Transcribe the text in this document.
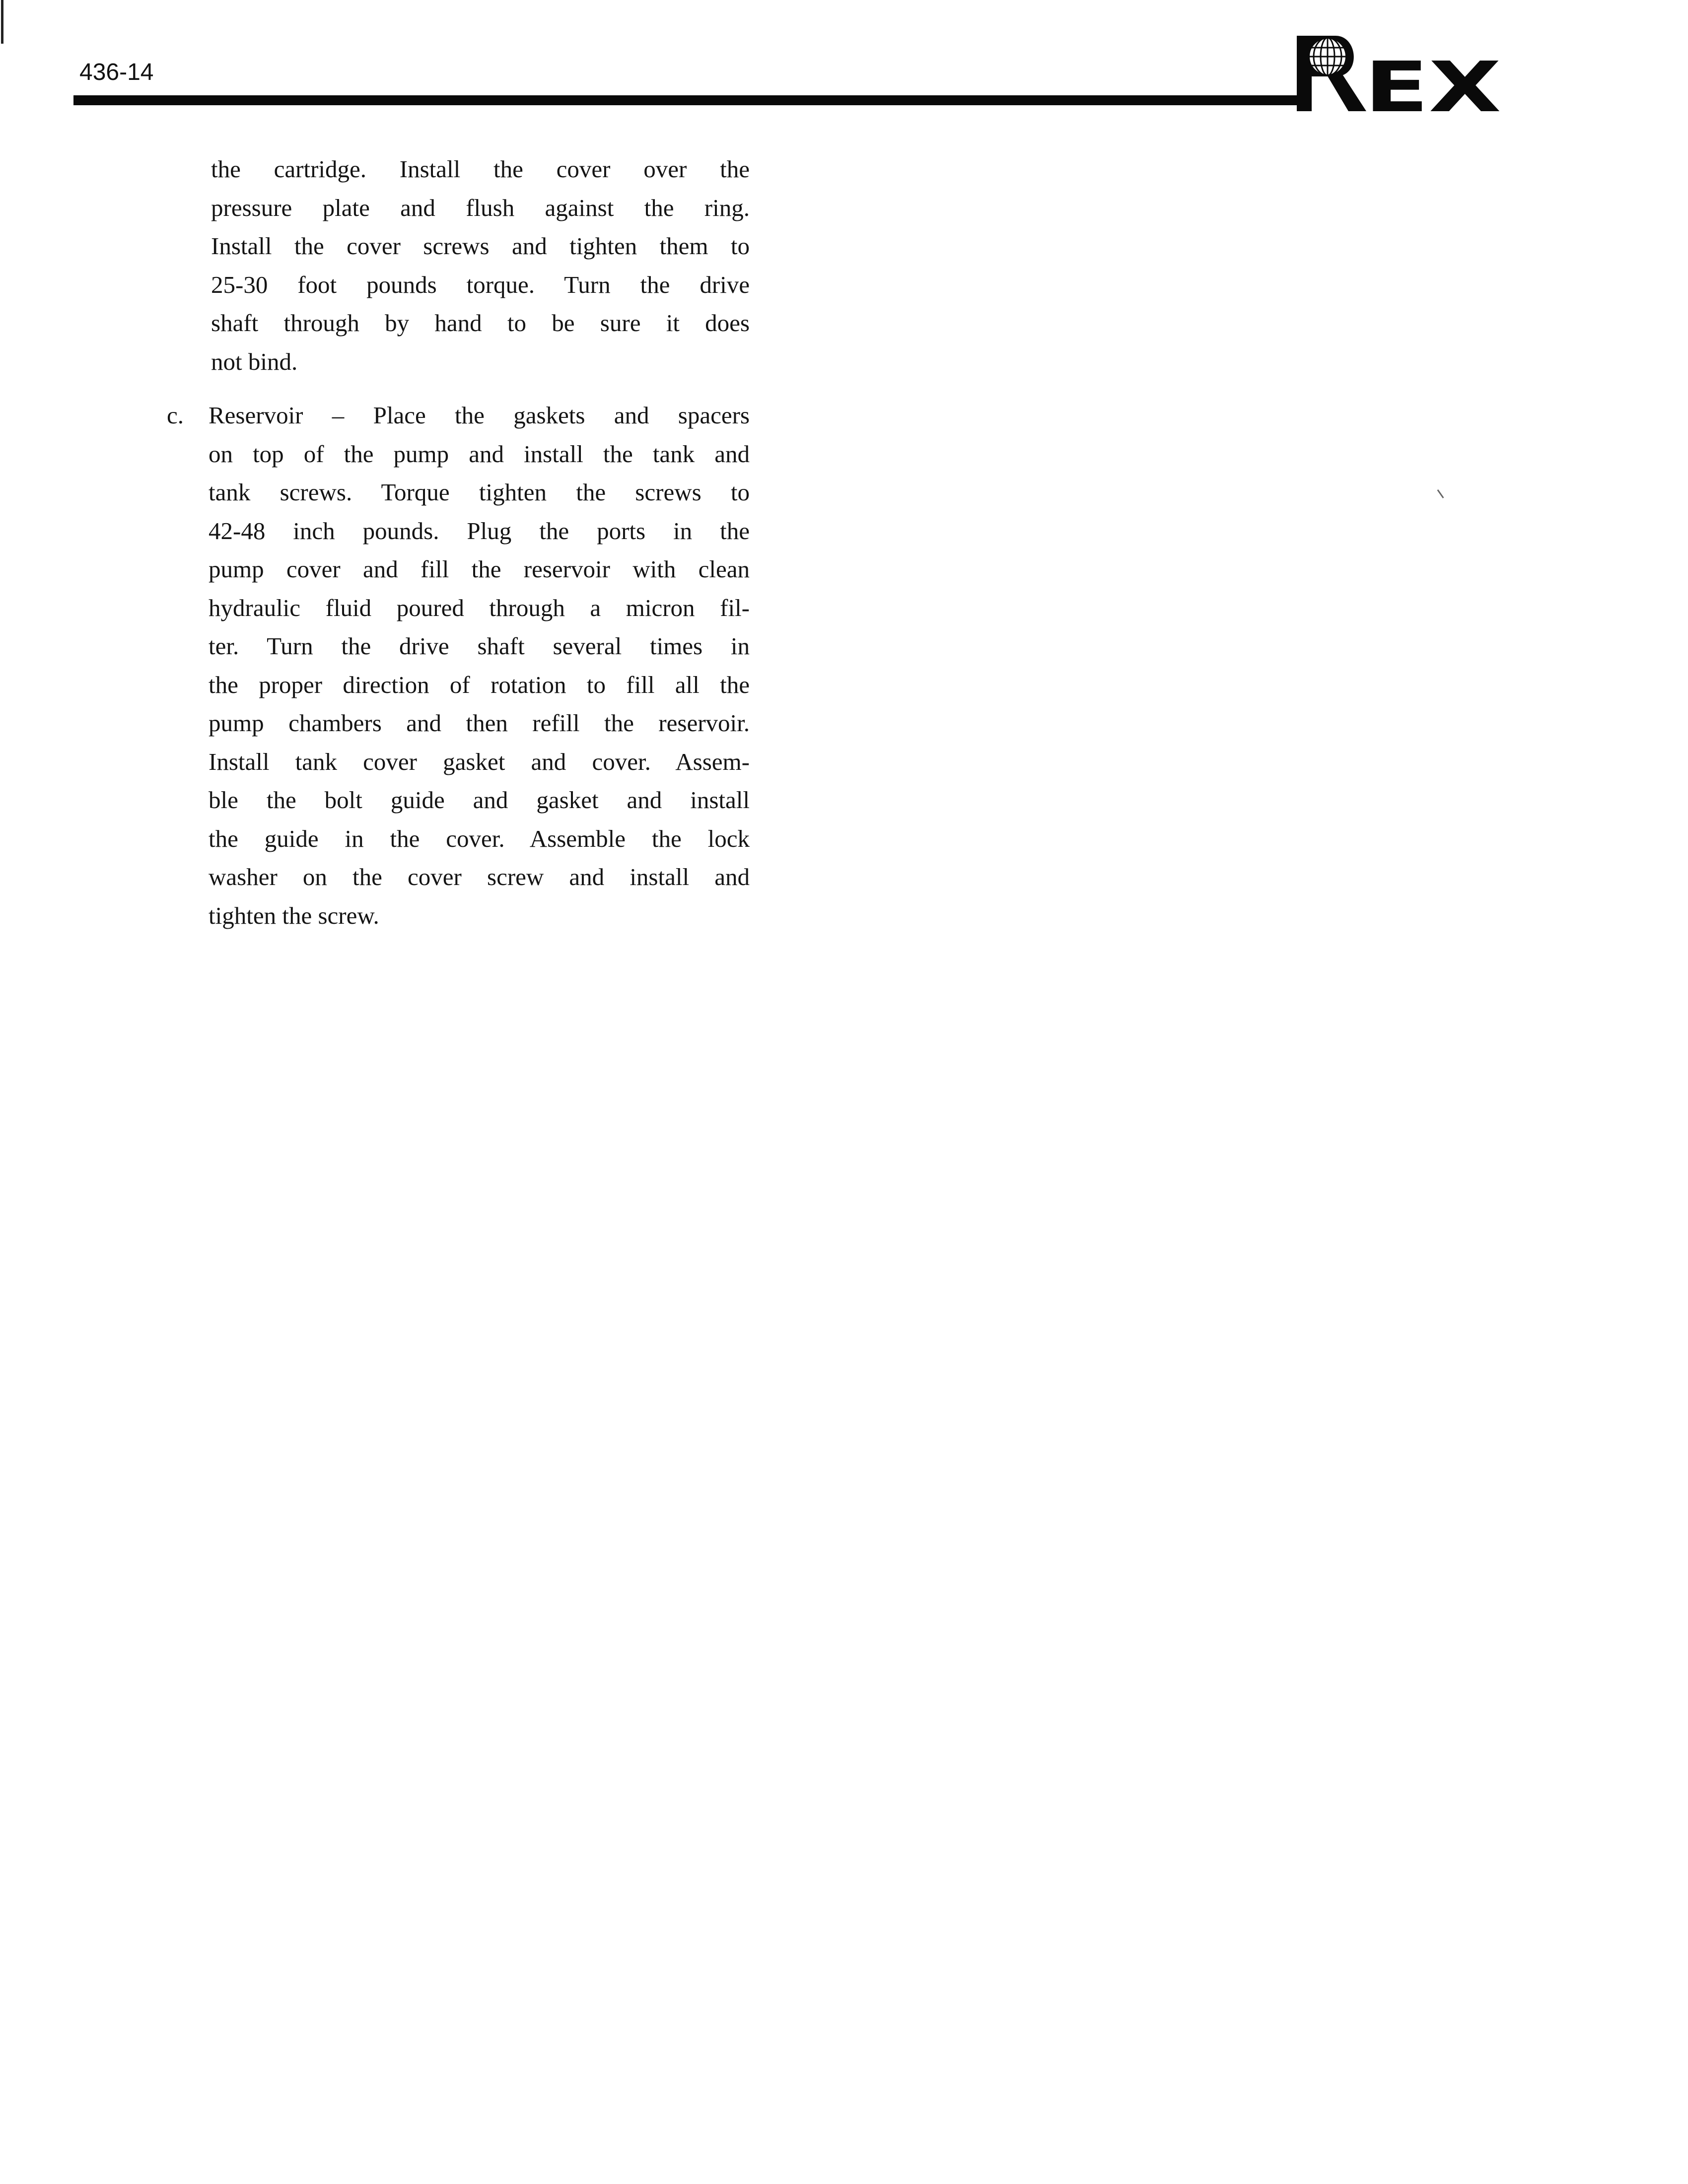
436-14	EX
the cartridge. Install the cover over the
pressure plate and flush against the ring.
Install the cover screws and tighten them to
25-30 foot pounds torque. Turn the drive
shaft through by hand to be sure it does
not bind.
c.	Reservoir – Place the gaskets and spacers
on top of the pump and install the tank and
tank screws. Torque tighten the screws to
42-48 inch pounds. Plug the ports in the
pump cover and fill the reservoir with clean
hydraulic fluid poured through a micron fil-
ter. Turn the drive shaft several times in
the proper direction of rotation to fill all the
pump chambers and then refill the reservoir.
Install tank cover gasket and cover. Assem-
ble the bolt guide and gasket and install
the guide in the cover. Assemble the lock
washer on the cover screw and install and
tighten the screw.
